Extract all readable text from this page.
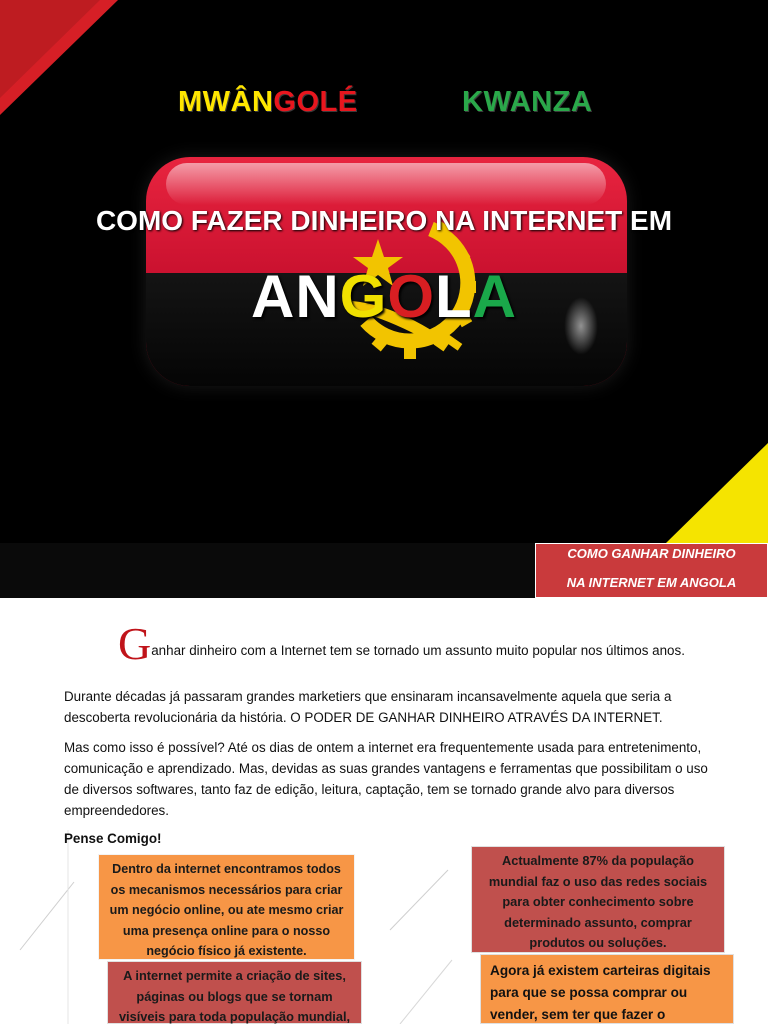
MWÂNGOLÉ	KWANZA
COMO FAZER DINHEIRO NA INTERNET EM
ANGOLA
COMO GANHAR DINHEIRO
NA INTERNET EM ANGOLA
Ganhar dinheiro com a Internet tem se tornado um assunto muito popular nos últimos anos.
Durante décadas já passaram grandes marketiers que ensinaram incansavelmente aquela que seria a descoberta revolucionária da história. O PODER DE GANHAR DINHEIRO ATRAVÉS DA INTERNET.
Mas como isso é possível? Até os dias de ontem a internet era frequentemente usada para entretenimento, comunicação e aprendizado. Mas, devidas as suas grandes vantagens e ferramentas que possibilitam o uso de diversos softwares, tanto faz de edição, leitura, captação, tem se tornado grande alvo para diversos empreendedores.
Pense Comigo!
Dentro da internet encontramos todos os mecanismos necessários para criar um negócio online, ou ate mesmo criar uma presença online para o nosso negócio físico já existente.
Actualmente 87% da população mundial faz o uso das redes sociais para obter conhecimento sobre determinado assunto, comprar produtos ou soluções.
A internet permite a criação de sites, páginas ou blogs que se tornam visíveis para toda população mundial,
Agora já existem carteiras digitais para que se possa comprar ou vender, sem ter que fazer o
